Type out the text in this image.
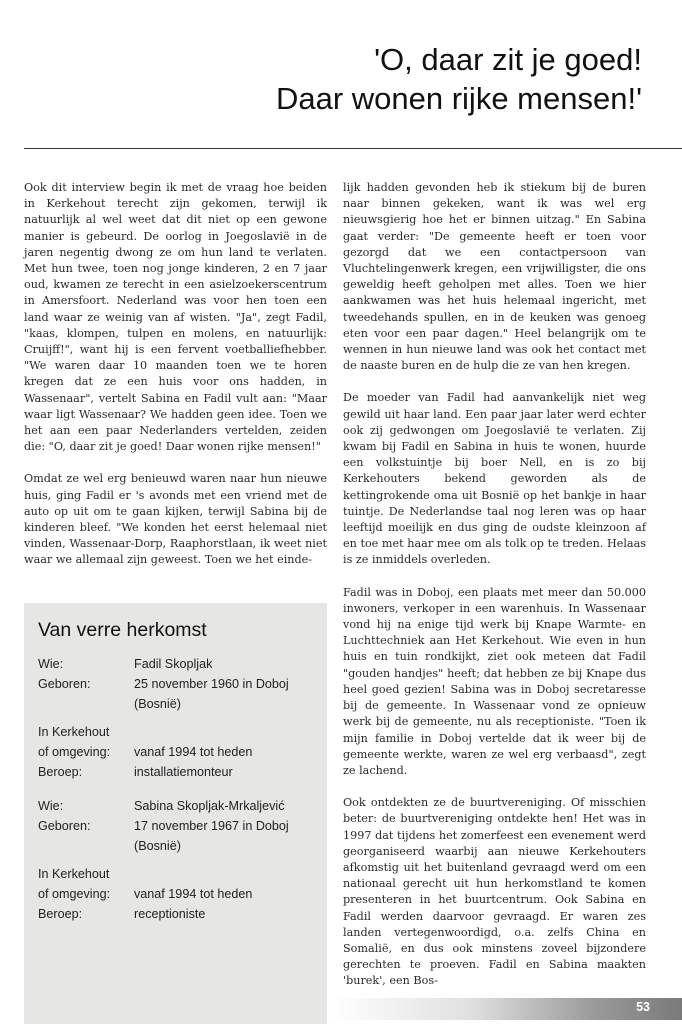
'O, daar zit je goed!
Daar wonen rijke mensen!'

Ook dit interview begin ik met de vraag hoe beiden in Kerkehout terecht zijn gekomen, terwijl ik natuurlijk al wel weet dat dit niet op een gewone manier is gebeurd. De oorlog in Joegoslavië in de jaren negentig dwong ze om hun land te verlaten. Met hun twee, toen nog jonge kinderen, 2 en 7 jaar oud, kwamen ze terecht in een asielzoekerscentrum in Amersfoort. Nederland was voor hen toen een land waar ze weinig van af wisten. "Ja", zegt Fadil, "kaas, klompen, tulpen en molens, en natuurlijk: Cruijff!", want hij is een fervent voetballiefhebber. "We waren daar 10 maanden toen we te horen kregen dat ze een huis voor ons hadden, in Wassenaar", vertelt Sabina en Fadil vult aan: "Maar waar ligt Wassenaar? We hadden geen idee. Toen we het aan een paar Nederlanders vertelden, zeiden die: "O, daar zit je goed! Daar wonen rijke mensen!"

Omdat ze wel erg benieuwd waren naar hun nieuwe huis, ging Fadil er 's avonds met een vriend met de auto op uit om te gaan kijken, terwijl Sabina bij de kinderen bleef. "We konden het eerst helemaal niet vinden, Wassenaar-Dorp, Raaphorstlaan, ik weet niet waar we allemaal zijn geweest. Toen we het einde-

lijk hadden gevonden heb ik stiekum bij de buren naar binnen gekeken, want ik was wel erg nieuwsgierig hoe het er binnen uitzag." En Sabina gaat verder: "De gemeente heeft er toen voor gezorgd dat we een contactpersoon van Vluchtelingenwerk kregen, een vrijwilligster, die ons geweldig heeft geholpen met alles. Toen we hier aankwamen was het huis helemaal ingericht, met tweedehands spullen, en in de keuken was genoeg eten voor een paar dagen." Heel belangrijk om te wennen in hun nieuwe land was ook het contact met de naaste buren en de hulp die ze van hen kregen.

De moeder van Fadil had aanvankelijk niet weg gewild uit haar land. Een paar jaar later werd echter ook zij gedwongen om Joegoslavië te verlaten. Zij kwam bij Fadil en Sabina in huis te wonen, huurde een volkstuintje bij boer Nell, en is zo bij Kerkehouters bekend geworden als de kettingrokende oma uit Bosnië op het bankje in haar tuintje. De Nederlandse taal nog leren was op haar leeftijd moeilijk en dus ging de oudste kleinzoon af en toe met haar mee om als tolk op te treden. Helaas is ze inmiddels overleden.

Fadil was in Doboj, een plaats met meer dan 50.000 inwoners, verkoper in een warenhuis. In Wassenaar vond hij na enige tijd werk bij Knape Warmte- en Luchttechniek aan Het Kerkehout. Wie even in hun huis en tuin rondkijkt, ziet ook meteen dat Fadil "gouden handjes" heeft; dat hebben ze bij Knape dus heel goed gezien! Sabina was in Doboj secretaresse bij de gemeente. In Wassenaar vond ze opnieuw werk bij de gemeente, nu als receptioniste. "Toen ik mijn familie in Doboj vertelde dat ik weer bij de gemeente werkte, waren ze wel erg verbaasd", zegt ze lachend.

Ook ontdekten ze de buurtvereniging. Of misschien beter: de buurtvereniging ontdekte hen! Het was in 1997 dat tijdens het zomerfeest een evenement werd georganiseerd waarbij aan nieuwe Kerkehouters afkomstig uit het buitenland gevraagd werd om een nationaal gerecht uit hun herkomstland te komen presenteren in het buurtcentrum. Ook Sabina en Fadil werden daarvoor gevraagd. Er waren zes landen vertegenwoordigd, o.a. zelfs China en Somalië, en dus ook minstens zoveel bijzondere gerechten te proeven. Fadil en Sabina maakten 'burek', een Bos-

Van verre herkomst
Wie:	Fadil Skopljak
Geboren:	25 november 1960 in Doboj
(Bosnië)
In Kerkehout
of omgeving:	vanaf 1994 tot heden
Beroep:	installatiemonteur
Wie:	Sabina Skopljak-Mrkaljević
Geboren:	17 november 1967 in Doboj
(Bosnië)
In Kerkehout
of omgeving:	vanaf 1994 tot heden
Beroep:	receptioniste
53
